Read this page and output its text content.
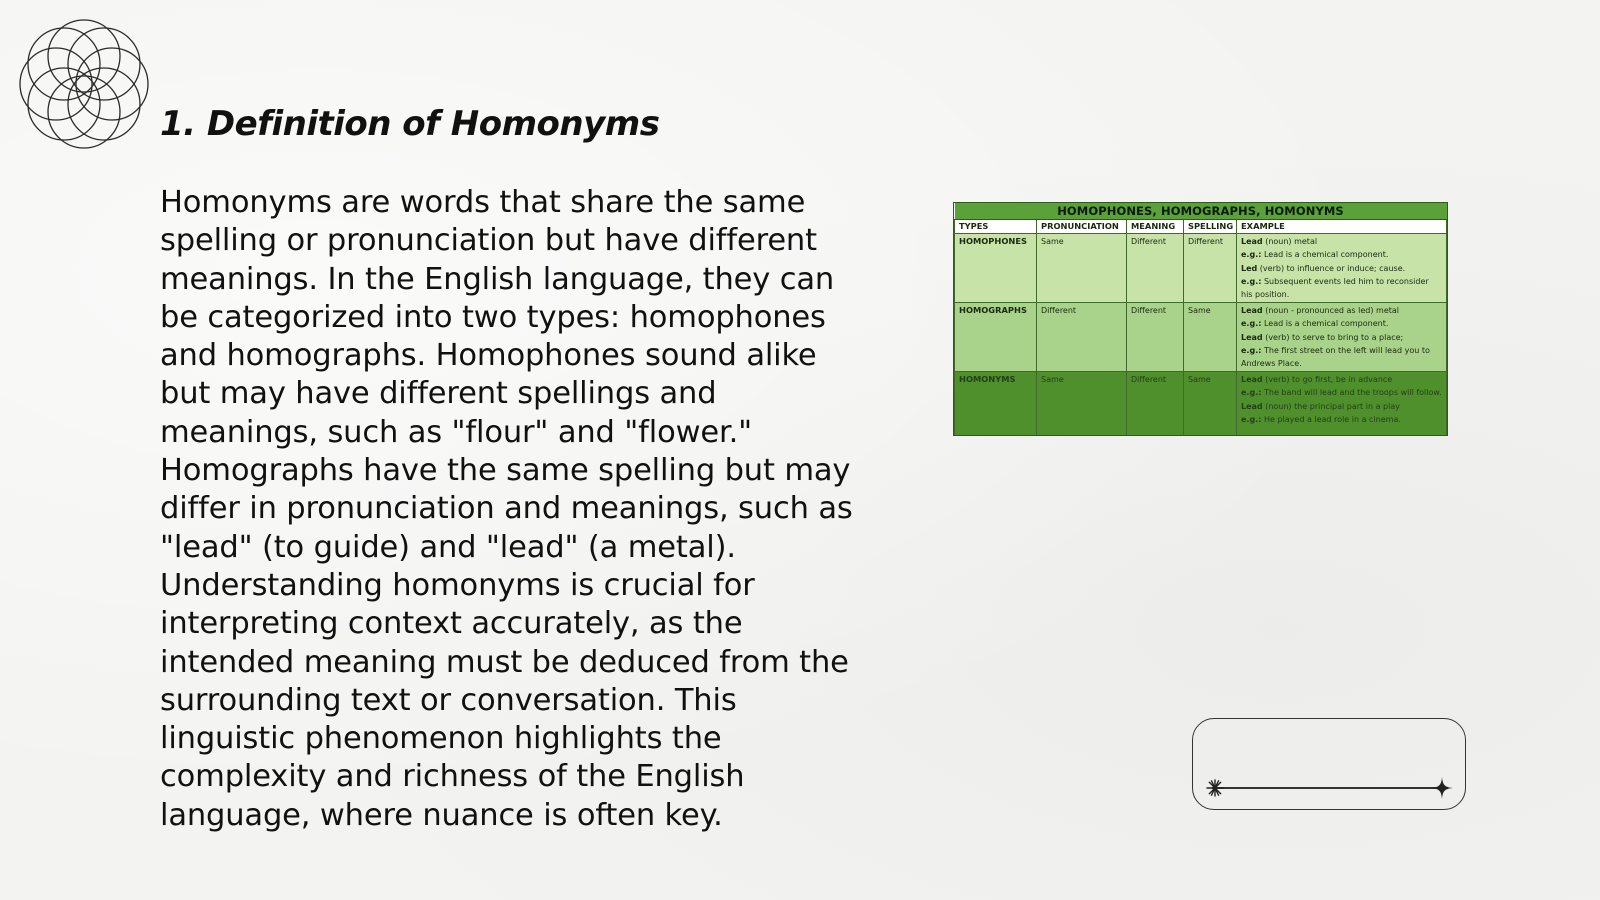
1. Definition of Homonyms

Homonyms are words that share the same spelling or pronunciation but have different meanings. In the English language, they can be categorized into two types: homophones and homographs. Homophones sound alike but may have different spellings and meanings, such as "flour" and "flower." Homographs have the same spelling but may differ in pronunciation and meanings, such as "lead" (to guide) and "lead" (a metal). Understanding homonyms is crucial for interpreting context accurately, as the intended meaning must be deduced from the surrounding text or conversation. This linguistic phenomenon highlights the complexity and richness of the English language, where nuance is often key.

HOMOPHONES, HOMOGRAPHS, HOMONYMS				
TYPES	PRONUNCIATION	MEANING	SPELLING	EXAMPLE
HOMOPHONES	Same	Different	Different	Lead (noun) metal
e.g.: Lead is a chemical component.
Led (verb) to influence or induce; cause.
e.g.: Subsequent events led him to reconsider his position.

HOMOGRAPHS	Different	Different	Same	Lead (noun - pronounced as led) metal
e.g.: Lead is a chemical component.
Lead (verb) to serve to bring to a place;
e.g.: The first street on the left will lead you to Andrews Place.

HOMONYMS	Same	Different	Same	Lead (verb) to go first, be in advance
e.g.: The band will lead and the troops will follow.
Lead (noun) the principal part in a play
e.g.: He played a lead role in a cinema.
